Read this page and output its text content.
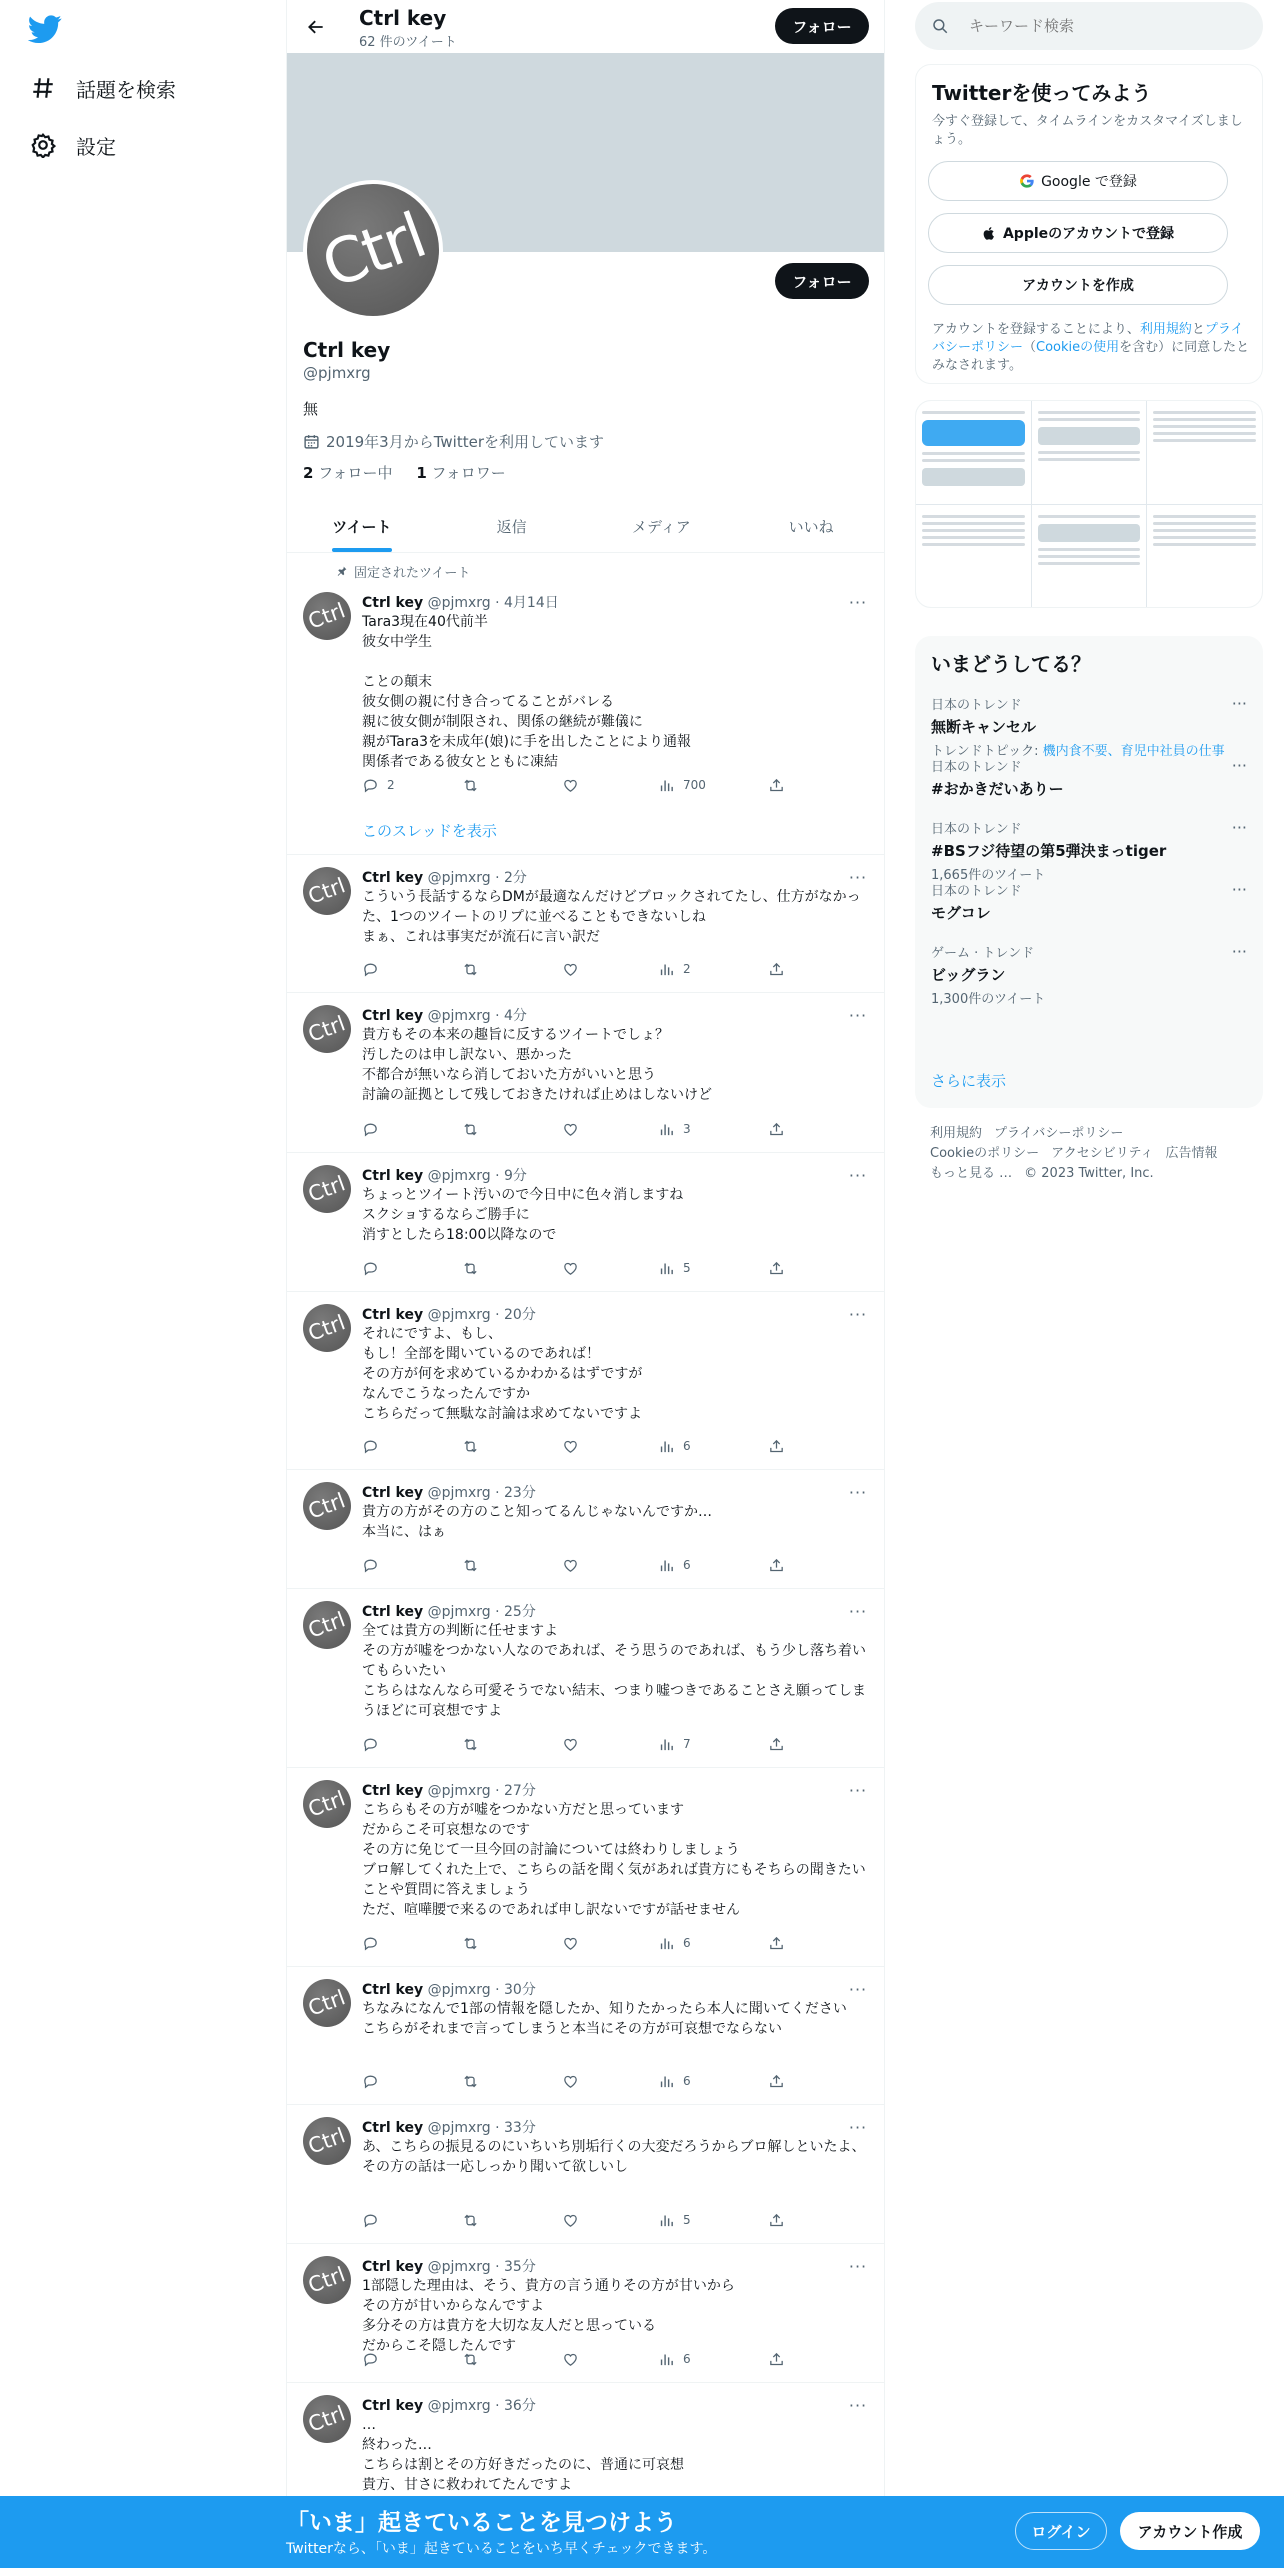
話題を検索
設定
Ctrl key
62 件のツイート
フォロー
Ctrl	フォロー
Ctrl key
@pjmxrg
無
2019年3月からTwitterを利用しています
2 フォロー中 1 フォロワー
ツイート	返信	メディア	いいね
固定されたツイート
Ctrl Ctrl key @pjmxrg · 4月14日	···
Tara3現在40代前半
彼女中学生

ことの顛末
彼女側の親に付き合ってることがバレる
親に彼女側が制限され、関係の継続が難儀に
親がTara3を未成年(娘)に手を出したことにより通報
関係者である彼女とともに凍結
2	700
このスレッドを表示
Ctrl Ctrl key @pjmxrg · 2分	···
こういう長話するならDMが最適なんだけどブロックされてたし、仕方がなかった、1つのツイートのリプに並べることもできないしね
まぁ、これは事実だが流石に言い訳だ
2
Ctrl Ctrl key @pjmxrg · 4分	···
貴方もその本来の趣旨に反するツイートでしょ？
汚したのは申し訳ない、悪かった
不都合が無いなら消しておいた方がいいと思う
討論の証拠として残しておきたければ止めはしないけど
3
Ctrl Ctrl key @pjmxrg · 9分	···
ちょっとツイート汚いので今日中に色々消しますね
スクショするならご勝手に
消すとしたら18:00以降なので
5
Ctrl Ctrl key @pjmxrg · 20分	···
それにですよ、もし、
もし！全部を聞いているのであれば！
その方が何を求めているかわかるはずですが
なんでこうなったんですか
こちらだって無駄な討論は求めてないですよ
6
Ctrl Ctrl key @pjmxrg · 23分	···
貴方の方がその方のこと知ってるんじゃないんですか…
本当に、はぁ
6
Ctrl Ctrl key @pjmxrg · 25分	···
全ては貴方の判断に任せますよ
その方が嘘をつかない人なのであれば、そう思うのであれば、もう少し落ち着いてもらいたい
こちらはなんなら可愛そうでない結末、つまり嘘つきであることさえ願ってしまうほどに可哀想ですよ
7
Ctrl Ctrl key @pjmxrg · 27分	···
こちらもその方が嘘をつかない方だと思っています
だからこそ可哀想なのです
その方に免じて一旦今回の討論については終わりしましょう
ブロ解してくれた上で、こちらの話を聞く気があれば貴方にもそちらの聞きたいことや質問に答えましょう
ただ、喧嘩腰で来るのであれば申し訳ないですが話せません
6
Ctrl Ctrl key @pjmxrg · 30分	···
ちなみになんで1部の情報を隠したか、知りたかったら本人に聞いてください
こちらがそれまで言ってしまうと本当にその方が可哀想でならない
6
Ctrl Ctrl key @pjmxrg · 33分	···
あ、こちらの振見るのにいちいち別垢行くの大変だろうからブロ解しといたよ、その方の話は一応しっかり聞いて欲しいし
5
Ctrl Ctrl key @pjmxrg · 35分	···
1部隠した理由は、そう、貴方の言う通りその方が甘いから
その方が甘いからなんですよ
多分その方は貴方を大切な友人だと思っている
だからこそ隠したんです
6
Ctrl Ctrl key @pjmxrg · 36分	···
…
終わった…
こちらは割とその方好きだったのに、普通に可哀想
貴方、甘さに救われてたんですよ
キーワード検索
Twitterを使ってみよう
今すぐ登録して、タイムラインをカスタマイズしましょう。
Google で登録
Appleのアカウントで登録
アカウントを作成
アカウントを登録することにより、利用規約とプライバシーポリシー（Cookieの使用を含む）に同意したとみなされます。
いまどうしてる？
日本のトレンド
無断キャンセル
トレンドトピック: 機内食不要、育児中社員の仕事
···
日本のトレンド
#おかきだいありー
···
日本のトレンド
#BSフジ待望の第5弾決まっtiger
1,665件のツイート
···
日本のトレンド
モグコレ
···
ゲーム · トレンド
ビッグラン
1,300件のツイート
···
さらに表示
利用規約 プライバシーポリシー
Cookieのポリシー アクセシビリティ 広告情報
もっと見る … © 2023 Twitter, Inc.
「いま」起きていることを見つけよう
Twitterなら、「いま」起きていることをいち早くチェックできます。
ログイン	アカウント作成
